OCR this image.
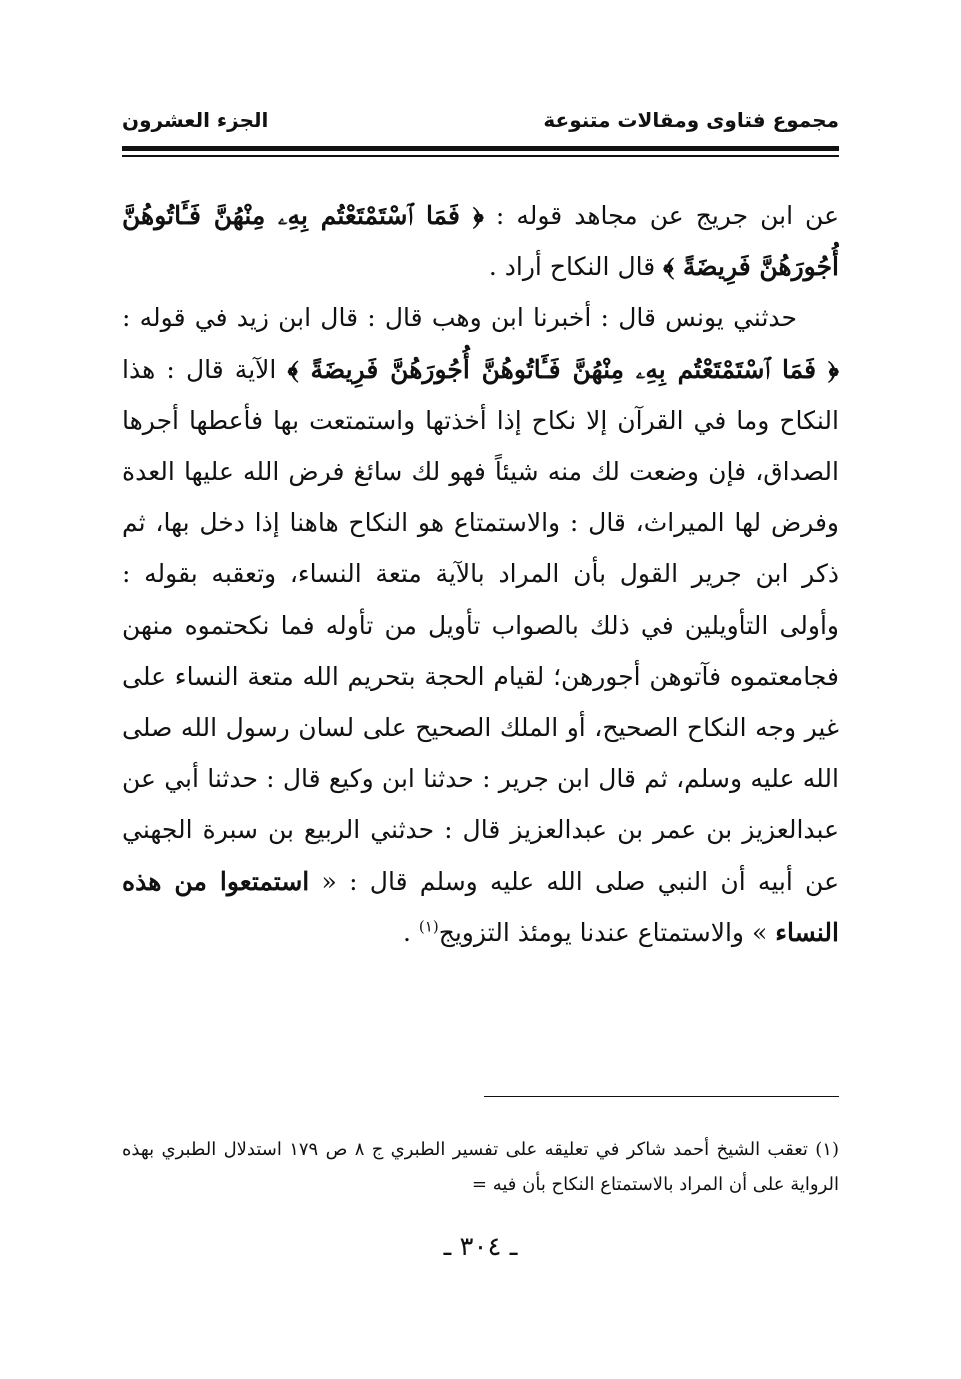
مجموع فتاوى ومقالات متنوعة
الجزء العشرون

عن ابن جريج عن مجاهد قوله : ﴿ فَمَا ٱسْتَمْتَعْتُم بِهِۦ مِنْهُنَّ فَـَٔاتُوهُنَّ أُجُورَهُنَّ فَرِيضَةً ﴾ قال النكاح أراد .

حدثني يونس قال : أخبرنا ابن وهب قال : قال ابن زيد في قوله : ﴿ فَمَا ٱسْتَمْتَعْتُم بِهِۦ مِنْهُنَّ فَـَٔاتُوهُنَّ أُجُورَهُنَّ فَرِيضَةً ﴾ الآية قال : هذا النكاح وما في القرآن إلا نكاح إذا أخذتها واستمتعت بها فأعطها أجرها الصداق، فإن وضعت لك منه شيئاً فهو لك سائغ فرض الله عليها العدة وفرض لها الميراث، قال : والاستمتاع هو النكاح هاهنا إذا دخل بها، ثم ذكر ابن جرير القول بأن المراد بالآية متعة النساء، وتعقبه بقوله : وأولى التأويلين في ذلك بالصواب تأويل من تأوله فما نكحتموه منهن فجامعتموه فآتوهن أجورهن؛ لقيام الحجة بتحريم الله متعة النساء على غير وجه النكاح الصحيح، أو الملك الصحيح على لسان رسول الله صلى الله عليه وسلم، ثم قال ابن جرير : حدثنا ابن وكيع قال : حدثنا أبي عن عبدالعزيز بن عمر بن عبدالعزيز قال : حدثني الربيع بن سبرة الجهني عن أبيه أن النبي صلى الله عليه وسلم قال : « استمتعوا من هذه النساء » والاستمتاع عندنا يومئذ التزويج$^{(١)}$ .

(١) تعقب الشيخ أحمد شاكر في تعليقه على تفسير الطبري ج ٨ ص ١٧٩ استدلال الطبري بهذه الرواية على أن المراد بالاستمتاع النكاح بأن فيه =

ـ ٣٠٤ ـ
